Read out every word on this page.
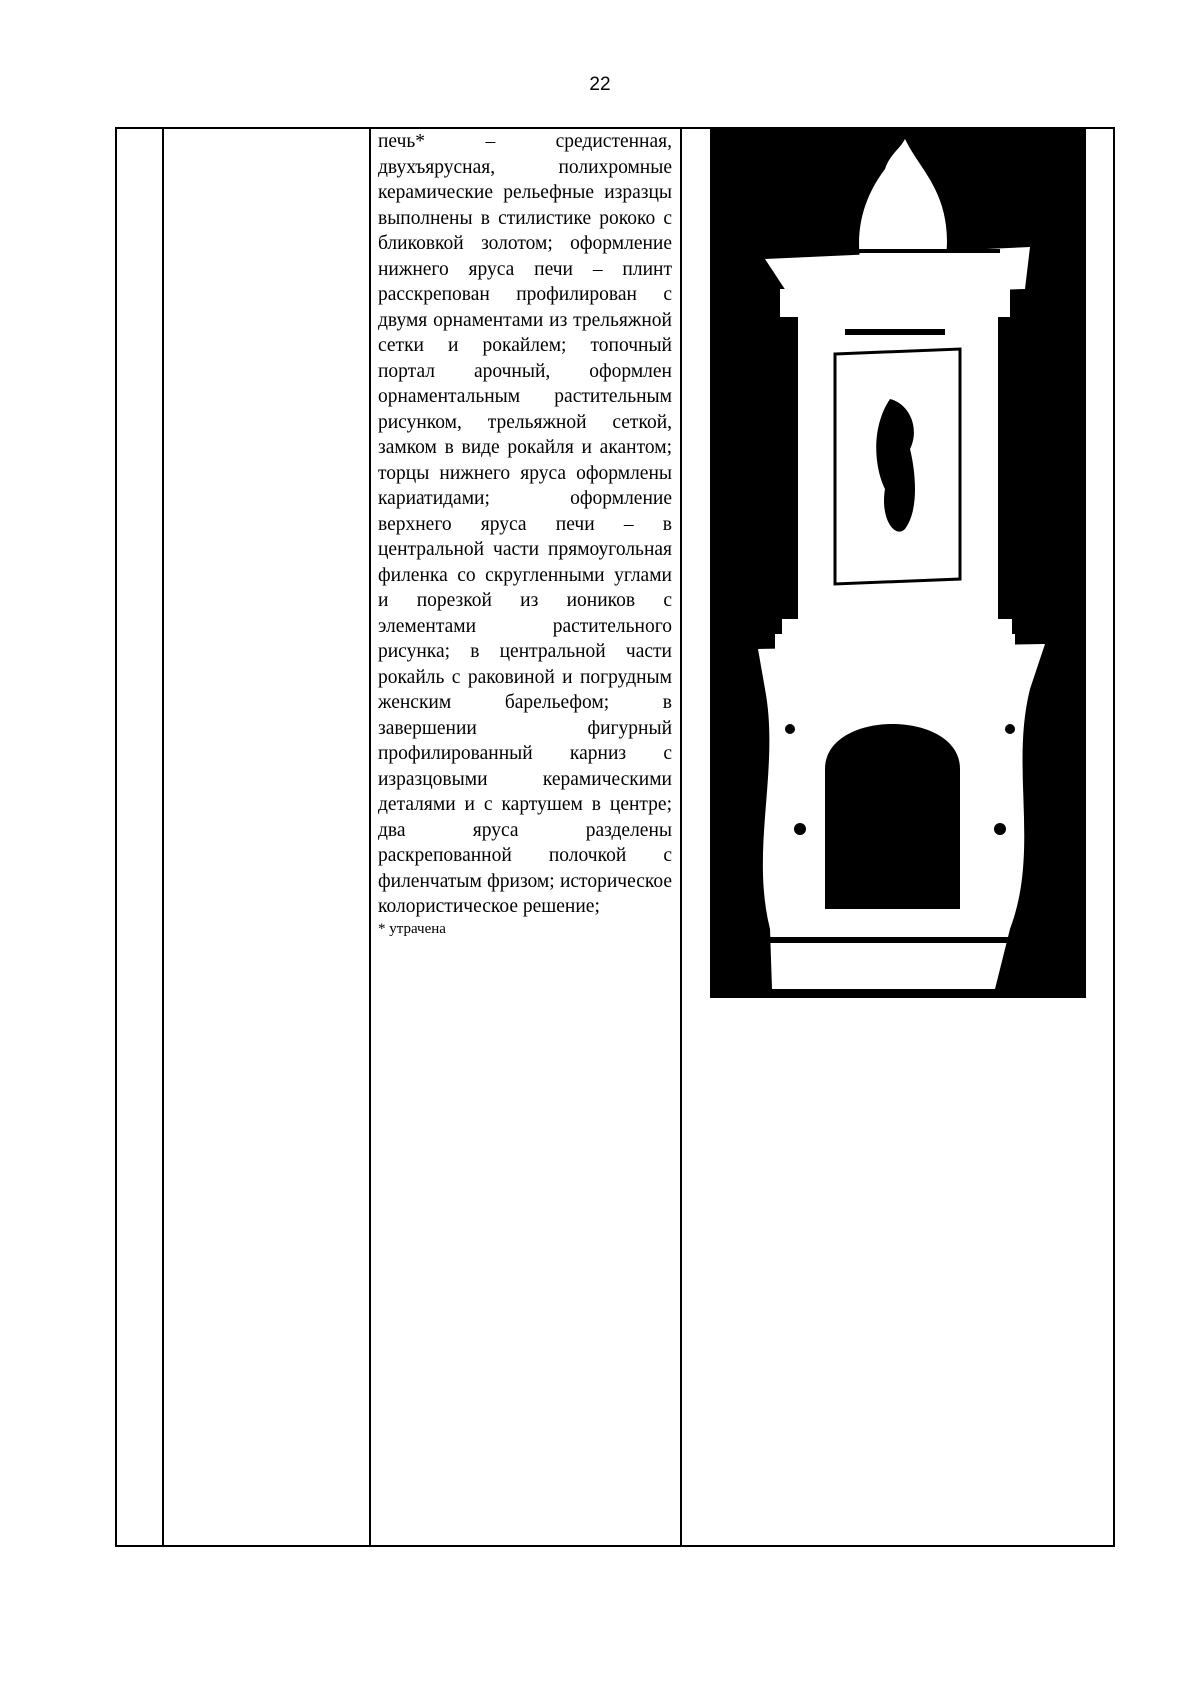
22

печь* – средистенная, двухъярусная, полихромные керамические рельефные изразцы выполнены в стилистике рококо с бликовкой золотом; оформление нижнего яруса печи – плинт расскрепован профилирован с двумя орнаментами из трельяжной сетки и рокайлем; топочный портал арочный, оформлен орнаментальным растительным рисунком, трельяжной сеткой, замком в виде рокайля и акантом; торцы нижнего яруса оформлены кариатидами; оформление верхнего яруса печи – в центральной части прямоугольная филенка со скругленными углами и порезкой из иоников с элементами растительного рисунка; в центральной части рокайль с раковиной и погрудным женским барельефом; в завершении фигурный профилированный карниз с изразцовыми керамическими деталями и с картушем в центре; два яруса разделены раскрепованной полочкой с филенчатым фризом; историческое колористическое решение;

* утрачена
